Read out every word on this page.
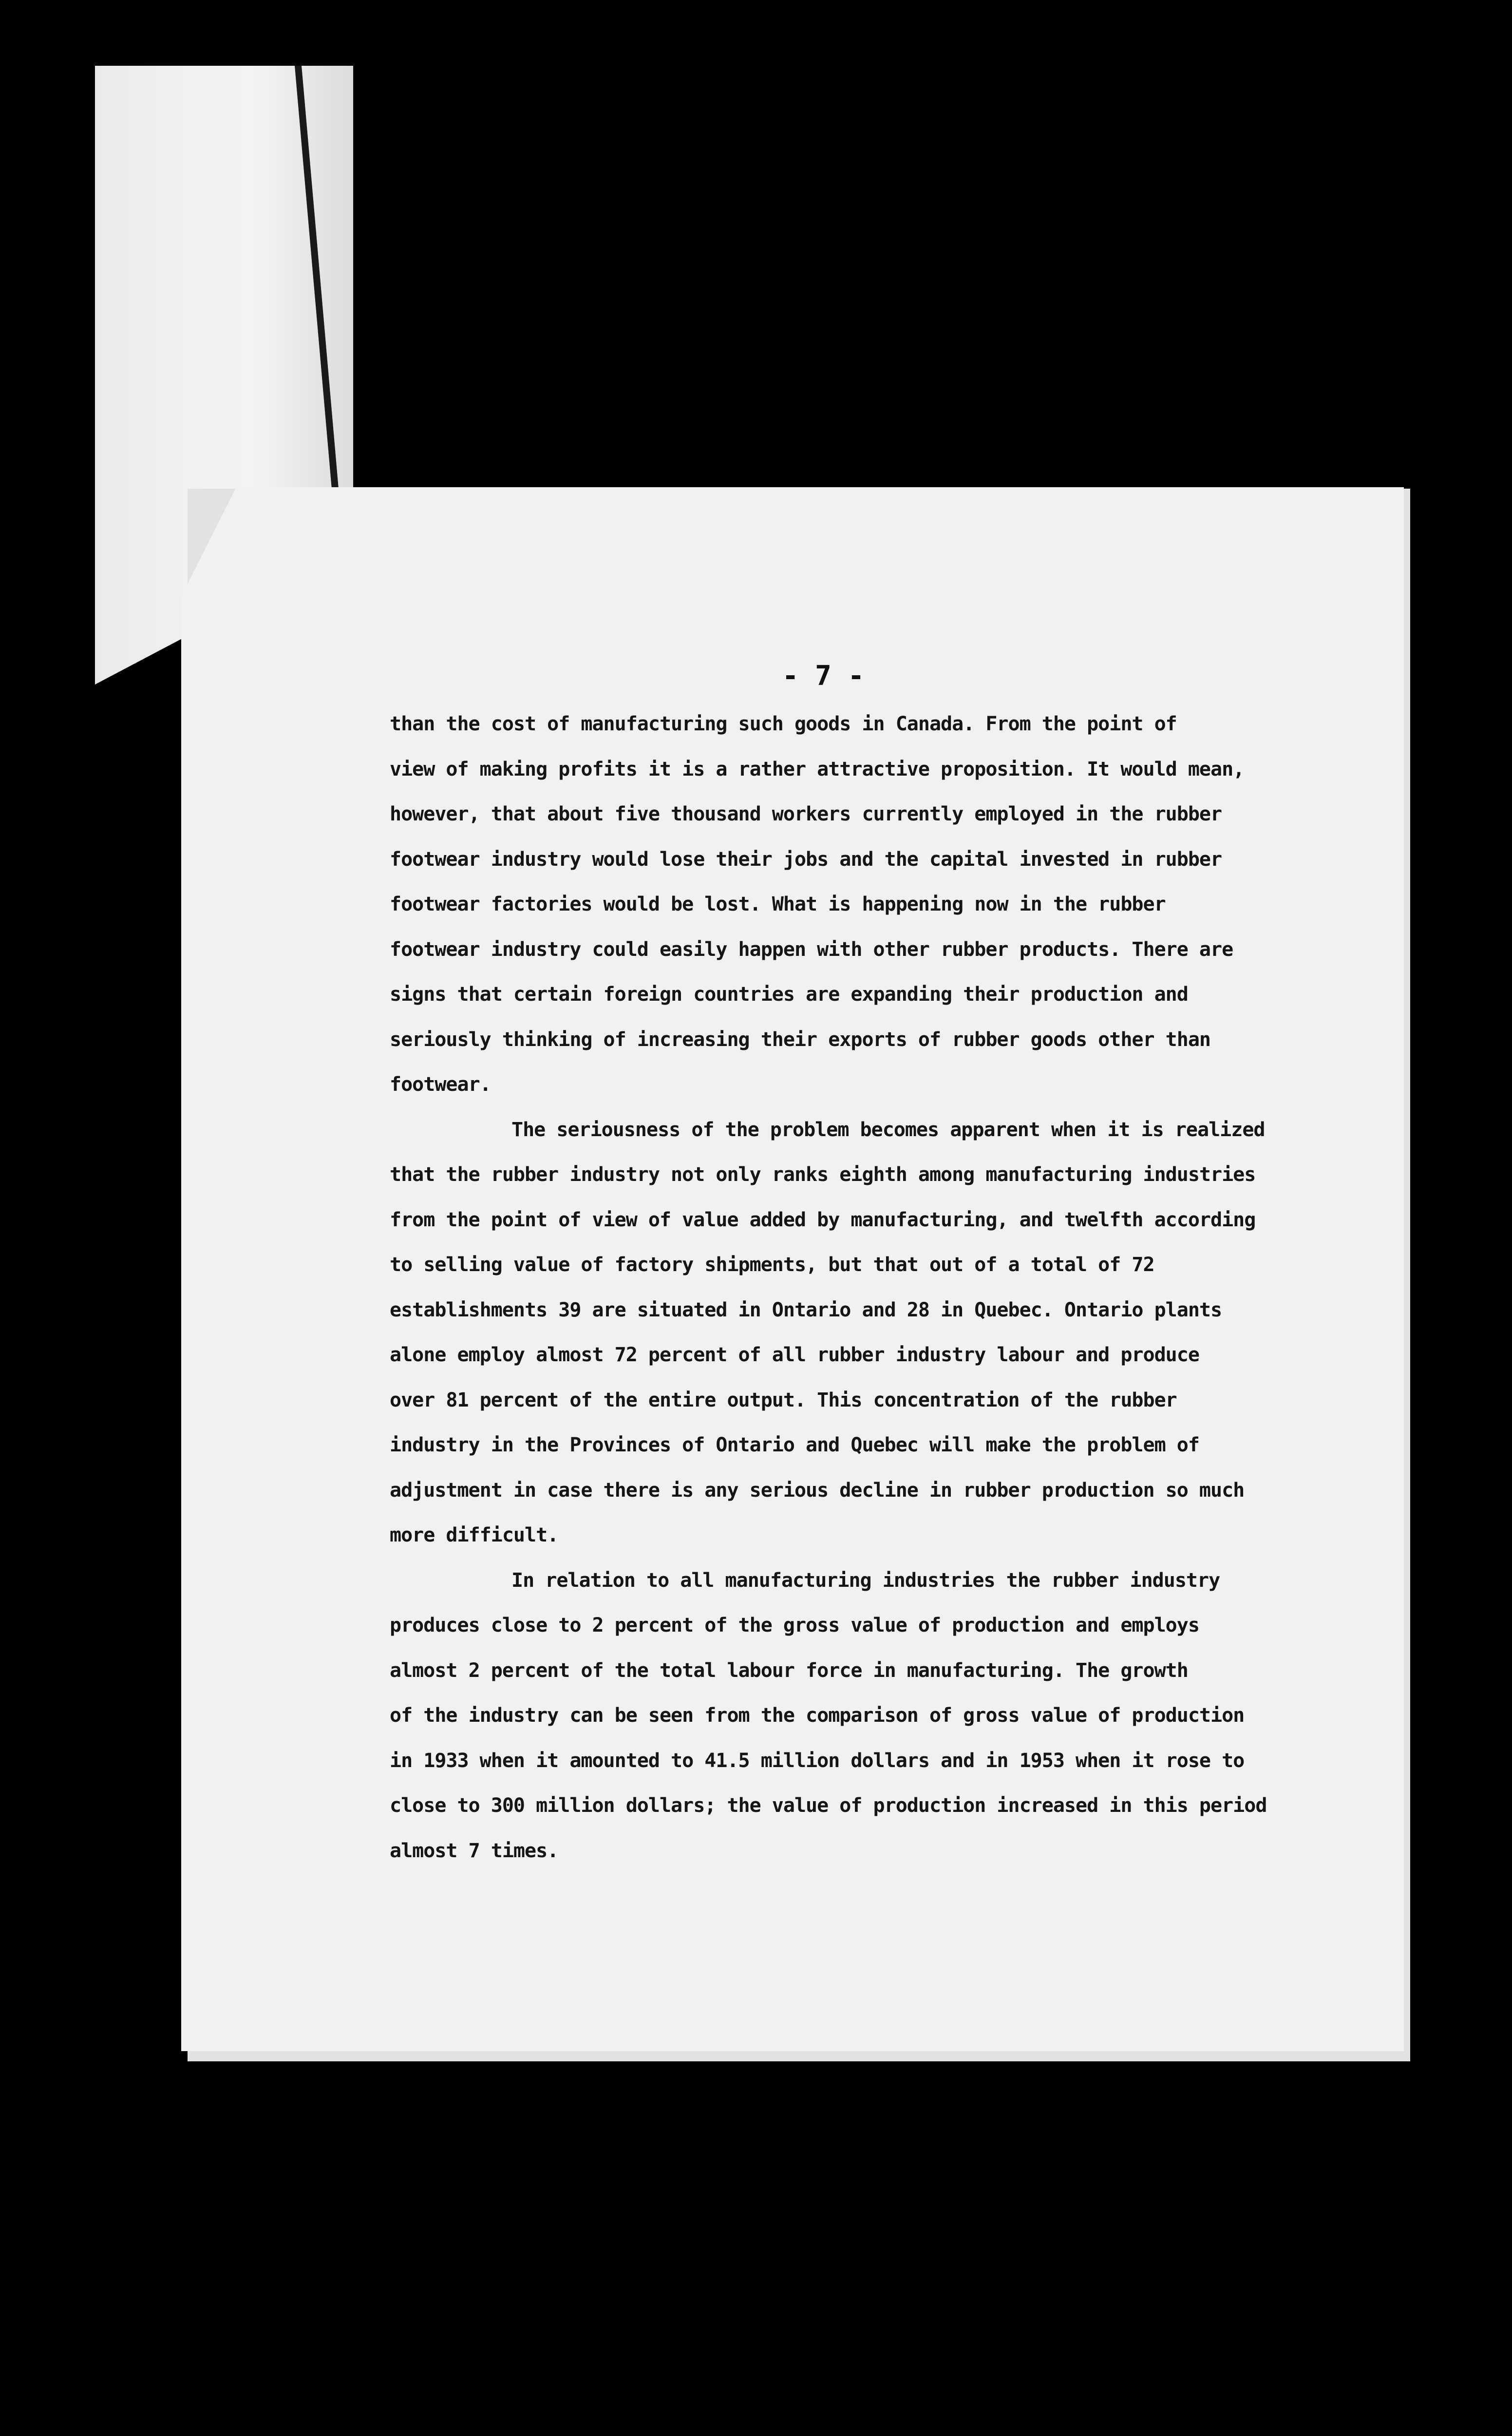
- 7 -

than the cost of manufacturing such goods in Canada. From the point of
view of making profits it is a rather attractive proposition. It would mean,
however, that about five thousand workers currently employed in the rubber
footwear industry would lose their jobs and the capital invested in rubber
footwear factories would be lost. What is happening now in the rubber
footwear industry could easily happen with other rubber products. There are
signs that certain foreign countries are expanding their production and
seriously thinking of increasing their exports of rubber goods other than
footwear.

The seriousness of the problem becomes apparent when it is realized
that the rubber industry not only ranks eighth among manufacturing industries
from the point of view of value added by manufacturing, and twelfth according
to selling value of factory shipments, but that out of a total of 72
establishments 39 are situated in Ontario and 28 in Quebec. Ontario plants
alone employ almost 72 percent of all rubber industry labour and produce
over 81 percent of the entire output. This concentration of the rubber
industry in the Provinces of Ontario and Quebec will make the problem of
adjustment in case there is any serious decline in rubber production so much
more difficult.

In relation to all manufacturing industries the rubber industry
produces close to 2 percent of the gross value of production and employs
almost 2 percent of the total labour force in manufacturing. The growth
of the industry can be seen from the comparison of gross value of production
in 1933 when it amounted to 41.5 million dollars and in 1953 when it rose to
close to 300 million dollars; the value of production increased in this period
almost 7 times.
